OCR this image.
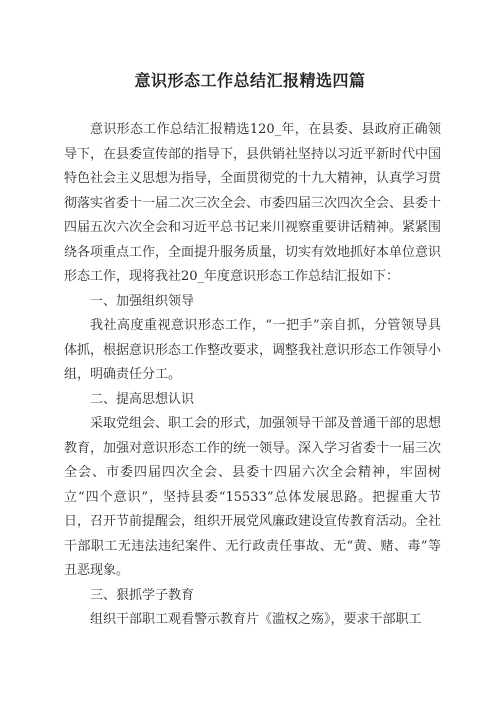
意识形态工作总结汇报精选四篇

意识形态工作总结汇报精选120_年，在县委、县政府正确领导下，在县委宣传部的指导下，县供销社坚持以习近平新时代中国特色社会主义思想为指导，全面贯彻党的十九大精神，认真学习贯彻落实省委十一届二次三次全会、市委四届三次四次全会、县委十四届五次六次全会和习近平总书记来川视察重要讲话精神。紧紧围绕各项重点工作，全面提升服务质量，切实有效地抓好本单位意识形态工作，现将我社20_年度意识形态工作总结汇报如下：

一、加强组织领导

我社高度重视意识形态工作，“一把手”亲自抓，分管领导具体抓，根据意识形态工作整改要求，调整我社意识形态工作领导小组，明确责任分工。

二、提高思想认识

采取党组会、职工会的形式，加强领导干部及普通干部的思想教育，加强对意识形态工作的统一领导。深入学习省委十一届三次全会、市委四届四次全会、县委十四届六次全会精神，牢固树立“四个意识”，坚持县委“15533”总体发展思路。把握重大节日，召开节前提醒会，组织开展党风廉政建设宣传教育活动。全社干部职工无违法违纪案件、无行政责任事故、无“黄、赌、毒”等丑恶现象。

三、狠抓学子教育

组织干部职工观看警示教育片《滥权之殇》，要求干部职工
